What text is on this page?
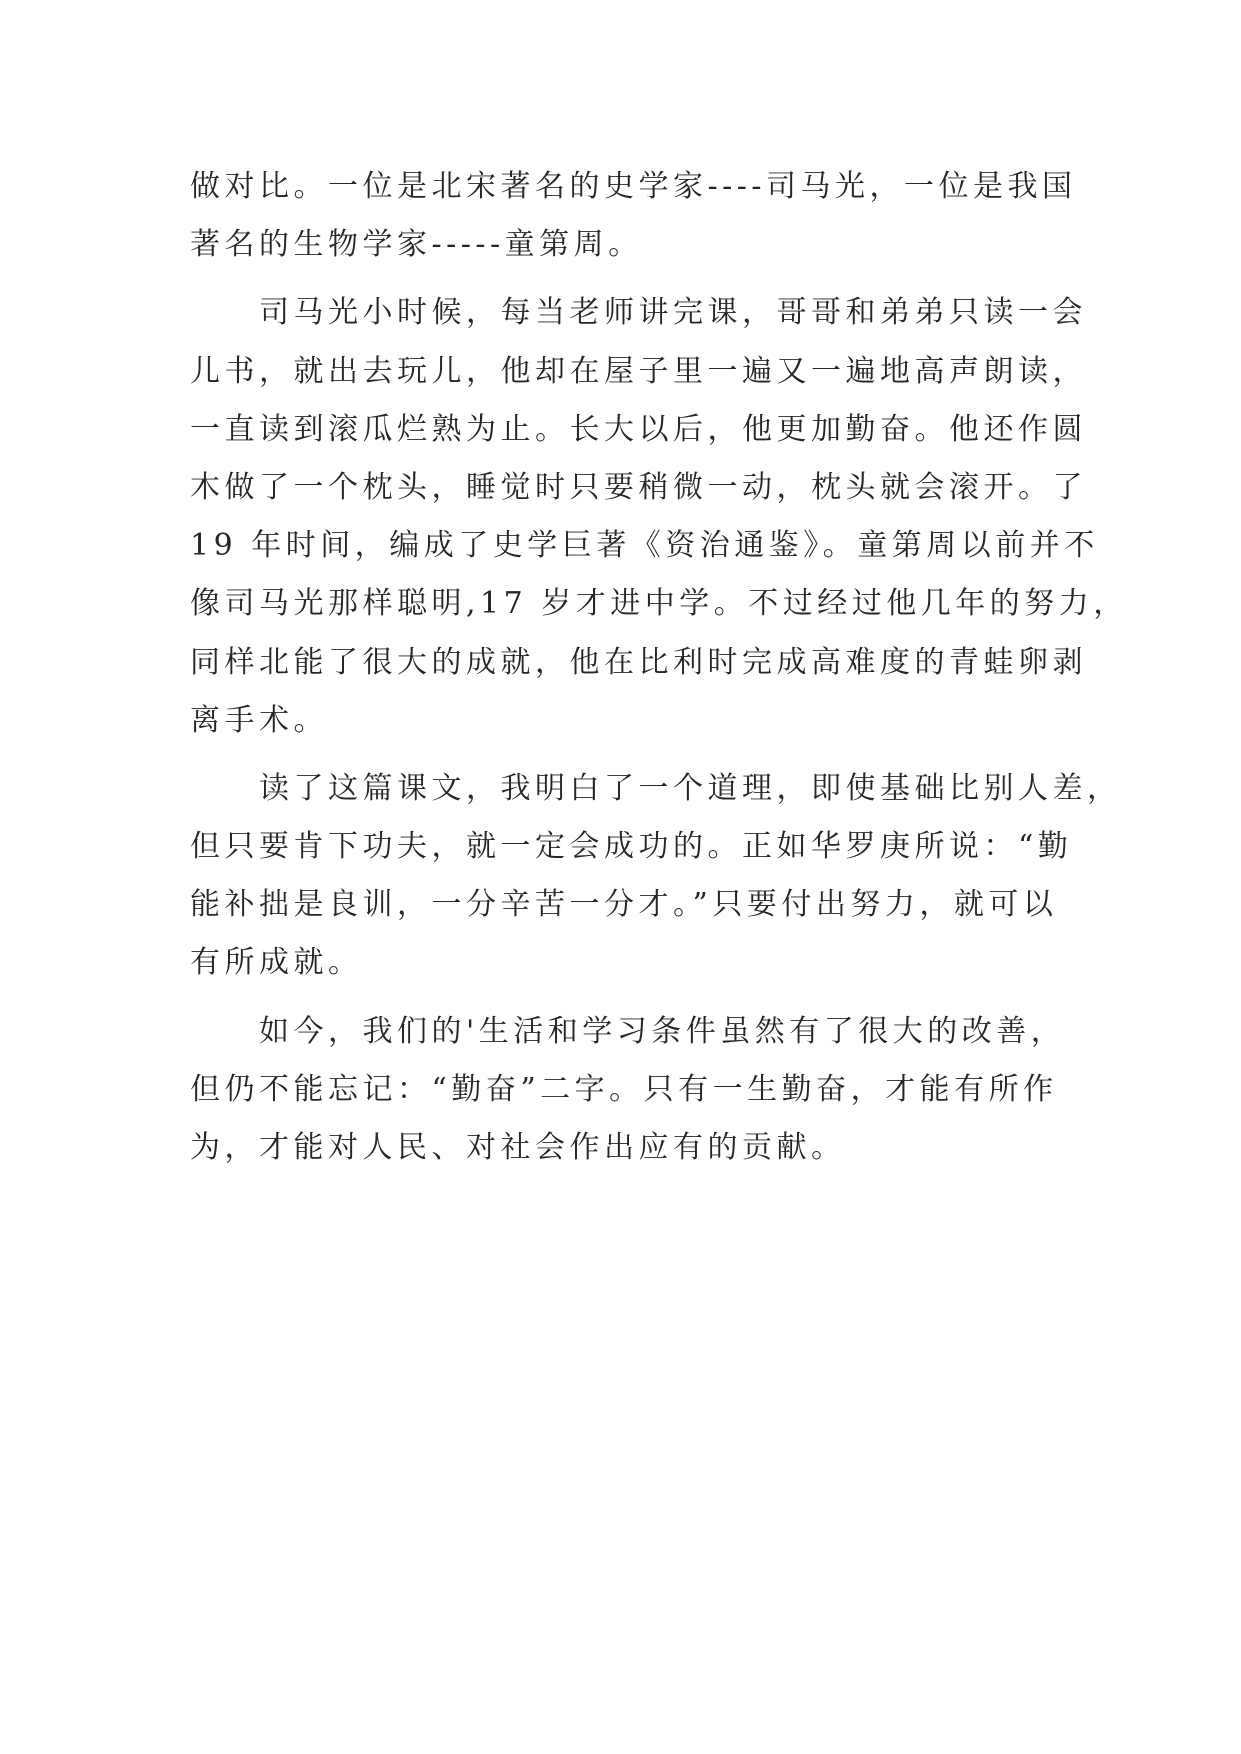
做对比。一位是北宋著名的史学家----司马光，一位是我国
著名的生物学家-----童第周。
　　司马光小时候，每当老师讲完课，哥哥和弟弟只读一会
儿书，就出去玩儿，他却在屋子里一遍又一遍地高声朗读，
一直读到滚瓜烂熟为止。长大以后，他更加勤奋。他还作圆
木做了一个枕头，睡觉时只要稍微一动，枕头就会滚开。了
19 年时间，编成了史学巨著《资治通鉴》。童第周以前并不
像司马光那样聪明,17 岁才进中学。不过经过他几年的努力，
同样北能了很大的成就，他在比利时完成高难度的青蛙卵剥
离手术。
　　读了这篇课文，我明白了一个道理，即使基础比别人差，
但只要肯下功夫，就一定会成功的。正如华罗庚所说：“勤
能补拙是良训，一分辛苦一分才。”只要付出努力，就可以
有所成就。
　　如今，我们的'生活和学习条件虽然有了很大的改善，
但仍不能忘记：“勤奋”二字。只有一生勤奋，才能有所作
为，才能对人民、对社会作出应有的贡献。
